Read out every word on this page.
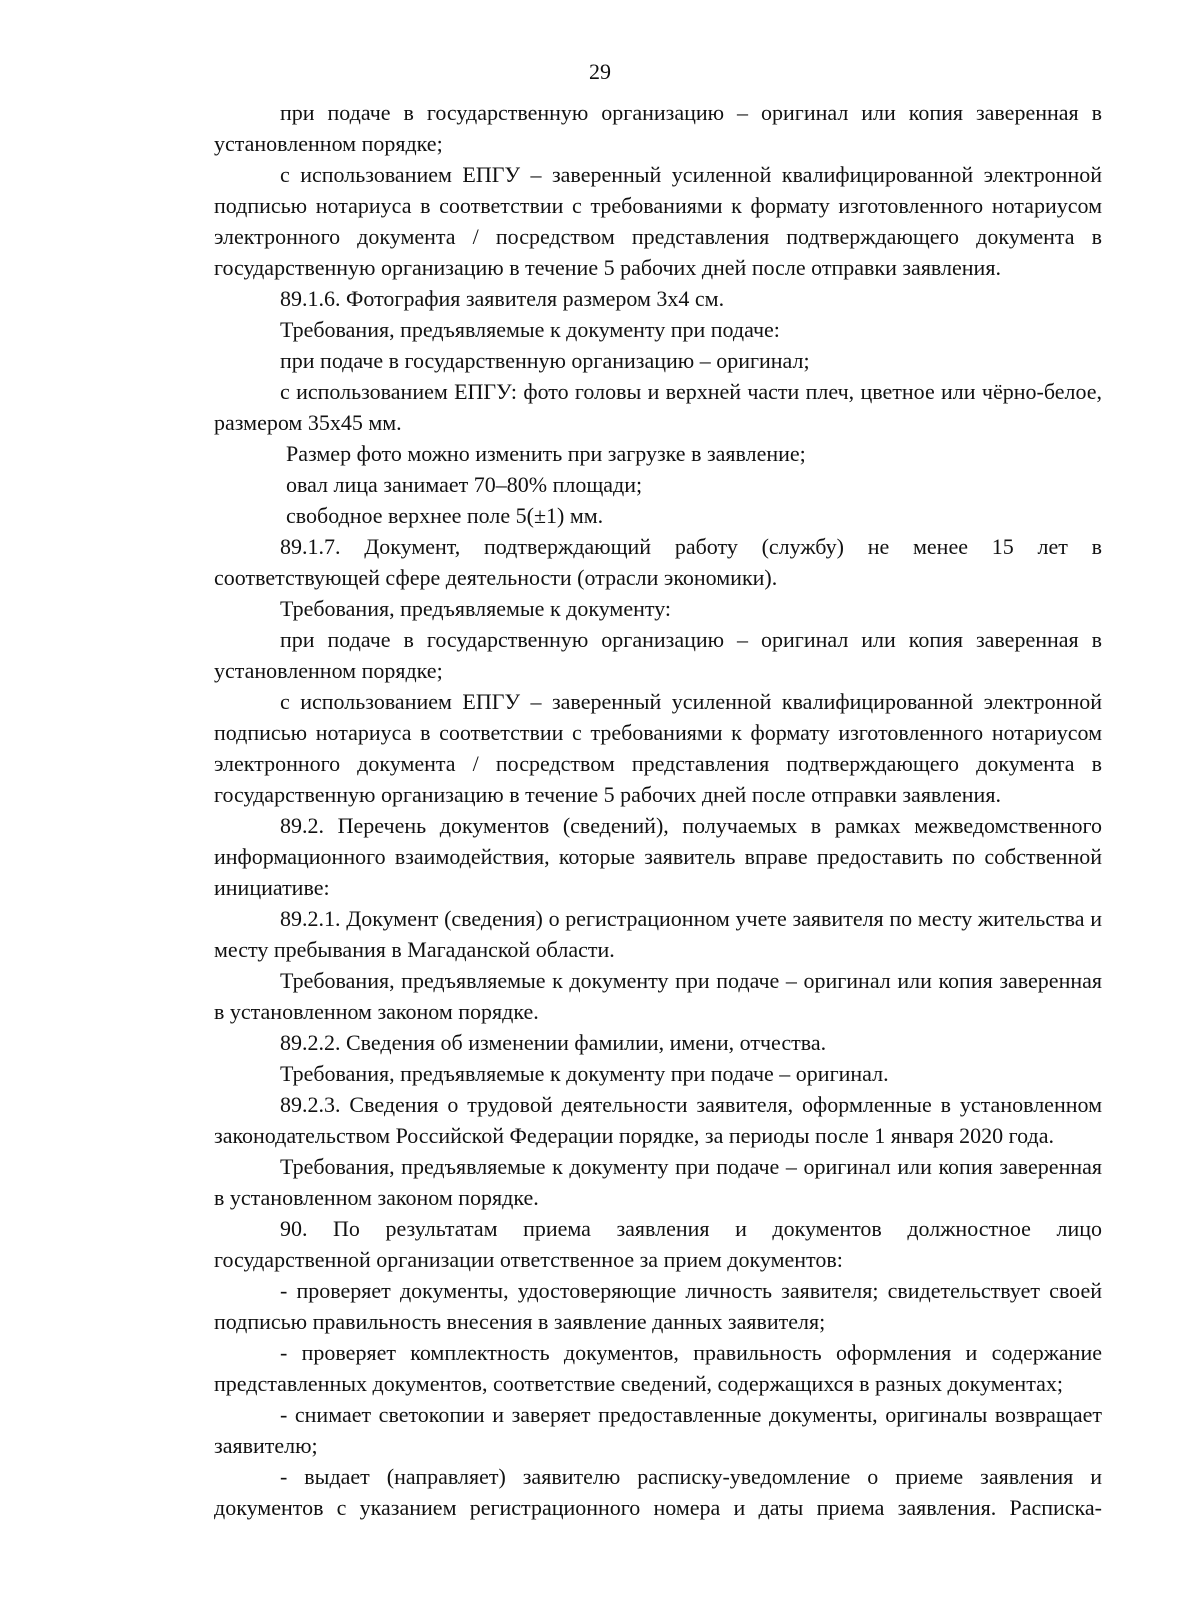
29

при подаче в государственную организацию – оригинал или копия заверенная в установленном порядке;

с использованием ЕПГУ – заверенный усиленной квалифицированной электронной подписью нотариуса в соответствии с требованиями к формату изготовленного нотариусом электронного документа / посредством представления подтверждающего документа в государственную организацию в течение 5 рабочих дней после отправки заявления.

89.1.6. Фотография заявителя размером 3х4 см.

Требования, предъявляемые к документу при подаче:

при подаче в государственную организацию – оригинал;

с использованием ЕПГУ: фото головы и верхней части плеч, цветное или чёрно-белое, размером 35х45 мм.

Размер фото можно изменить при загрузке в заявление;

овал лица занимает 70–80% площади;

свободное верхнее поле 5(±1) мм.

89.1.7. Документ, подтверждающий работу (службу) не менее 15 лет в соответствующей сфере деятельности (отрасли экономики).

Требования, предъявляемые к документу:

при подаче в государственную организацию – оригинал или копия заверенная в установленном порядке;

с использованием ЕПГУ – заверенный усиленной квалифицированной электронной подписью нотариуса в соответствии с требованиями к формату изготовленного нотариусом электронного документа / посредством представления подтверждающего документа в государственную организацию в течение 5 рабочих дней после отправки заявления.

89.2. Перечень документов (сведений), получаемых в рамках межведомственного информационного взаимодействия, которые заявитель вправе предоставить по собственной инициативе:

89.2.1. Документ (сведения) о регистрационном учете заявителя по месту жительства и месту пребывания в Магаданской области.

Требования, предъявляемые к документу при подаче – оригинал или копия заверенная в установленном законом порядке.

89.2.2. Сведения об изменении фамилии, имени, отчества.

Требования, предъявляемые к документу при подаче – оригинал.

89.2.3. Сведения о трудовой деятельности заявителя, оформленные в установленном законодательством Российской Федерации порядке, за периоды после 1 января 2020 года.

Требования, предъявляемые к документу при подаче – оригинал или копия заверенная в установленном законом порядке.

90. По результатам приема заявления и документов должностное лицо государственной организации ответственное за прием документов:

- проверяет документы, удостоверяющие личность заявителя; свидетельствует своей подписью правильность внесения в заявление данных заявителя;

- проверяет комплектность документов, правильность оформления и содержание представленных документов, соответствие сведений, содержащихся в разных документах;

- снимает светокопии и заверяет предоставленные документы, оригиналы возвращает заявителю;

- выдает (направляет) заявителю расписку-уведомление о приеме заявления и документов с указанием регистрационного номера и даты приема заявления. Расписка-
